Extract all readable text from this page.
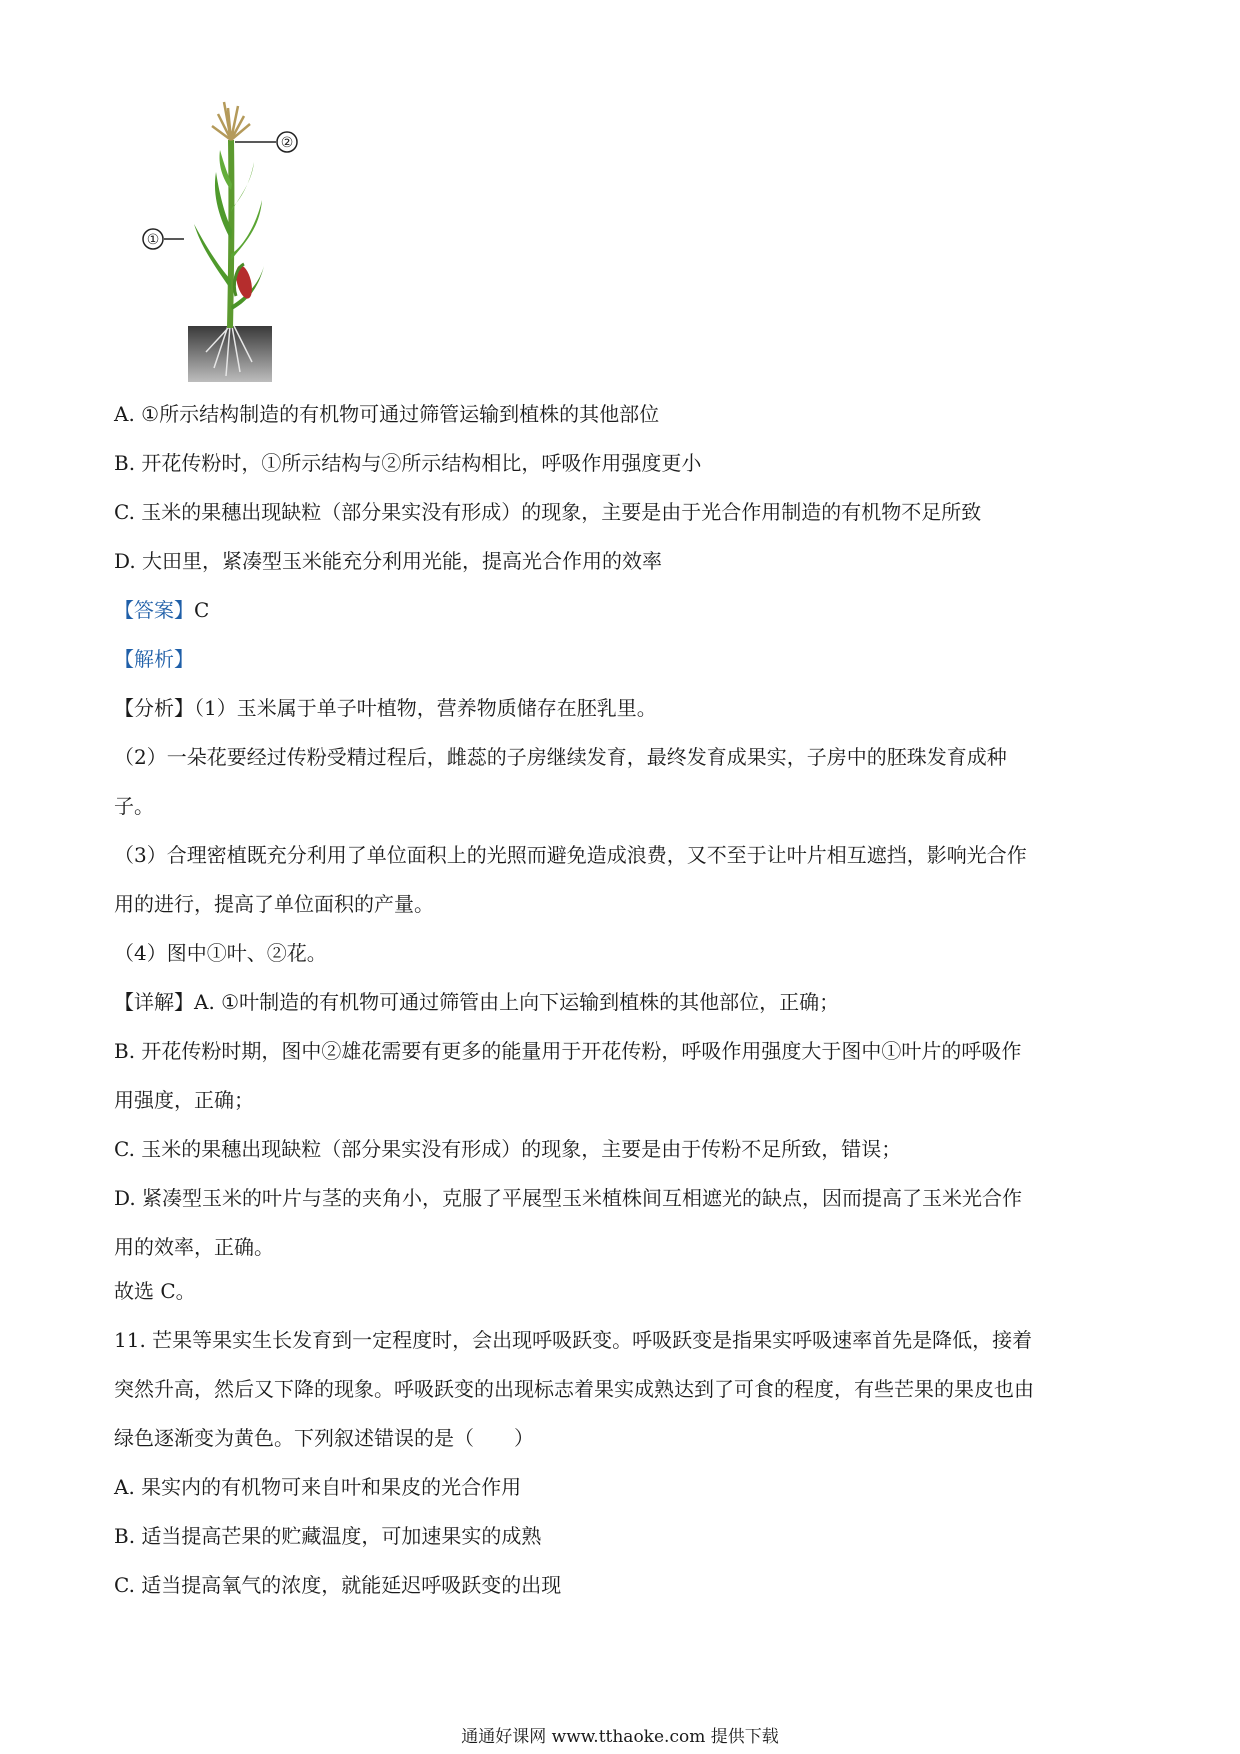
②
①
A. ①所示结构制造的有机物可通过筛管运输到植株的其他部位
B. 开花传粉时，①所示结构与②所示结构相比，呼吸作用强度更小
C. 玉米的果穗出现缺粒（部分果实没有形成）的现象，主要是由于光合作用制造的有机物不足所致
D. 大田里，紧凑型玉米能充分利用光能，提高光合作用的效率
【答案】C
【解析】
【分析】（1）玉米属于单子叶植物，营养物质储存在胚乳里。
（2）一朵花要经过传粉受精过程后，雌蕊的子房继续发育，最终发育成果实，子房中的胚珠发育成种
子。
（3）合理密植既充分利用了单位面积上的光照而避免造成浪费，又不至于让叶片相互遮挡，影响光合作
用的进行，提高了单位面积的产量。
（4）图中①叶、②花。
【详解】A. ①叶制造的有机物可通过筛管由上向下运输到植株的其他部位，正确；
B. 开花传粉时期，图中②雄花需要有更多的能量用于开花传粉，呼吸作用强度大于图中①叶片的呼吸作
用强度，正确；
C. 玉米的果穗出现缺粒（部分果实没有形成）的现象，主要是由于传粉不足所致，错误；
D. 紧凑型玉米的叶片与茎的夹角小，克服了平展型玉米植株间互相遮光的缺点，因而提高了玉米光合作
用的效率，正确。
故选 C。
11. 芒果等果实生长发育到一定程度时，会出现呼吸跃变。呼吸跃变是指果实呼吸速率首先是降低，接着
突然升高，然后又下降的现象。呼吸跃变的出现标志着果实成熟达到了可食的程度，有些芒果的果皮也由
绿色逐渐变为黄色。下列叙述错误的是（　　）
A. 果实内的有机物可来自叶和果皮的光合作用
B. 适当提高芒果的贮藏温度，可加速果实的成熟
C. 适当提高氧气的浓度，就能延迟呼吸跃变的出现
通通好课网 www.tthaoke.com 提供下载
